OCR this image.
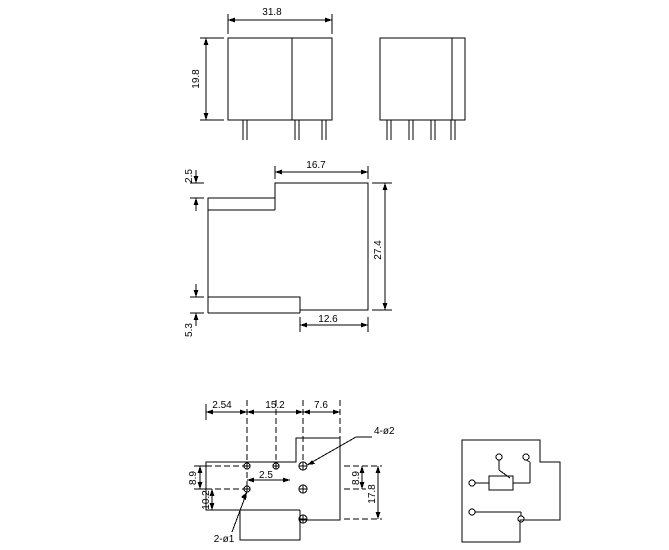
31.8
19.8
2.5
16.7
27.4
12.6
5.3
2.54	15.2	7.6
8.9
10.2
2.5	8.9
17.8
4-ø2
2-ø1
